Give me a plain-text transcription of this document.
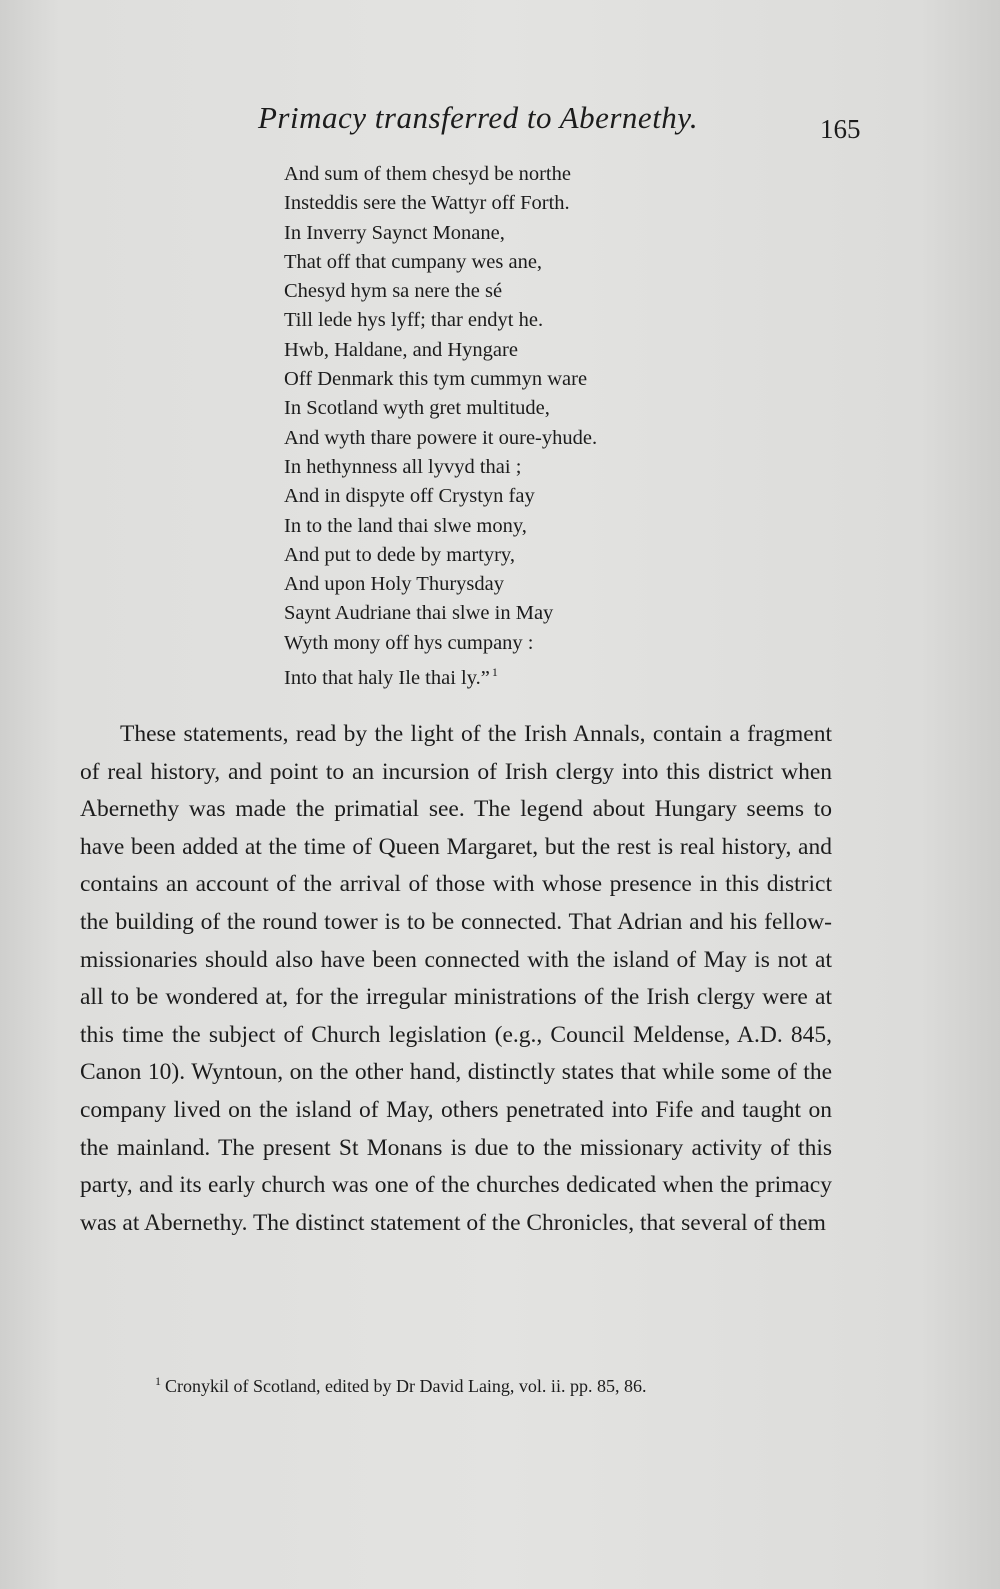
Primacy transferred to Abernethy.	165
And sum of them chesyd be northe
Insteddis sere the Wattyr off Forth.
In Inverry Saynct Monane,
That off that cumpany wes ane,
Chesyd hym sa nere the sé
Till lede hys lyff; thar endyt he.
Hwb, Haldane, and Hyngare
Off Denmark this tym cummyn ware
In Scotland wyth gret multitude,
And wyth thare powere it oure-yhude.
In hethynness all lyvyd thai ;
And in dispyte off Crystyn fay
In to the land thai slwe mony,
And put to dede by martyry,
And upon Holy Thurysday
Saynt Audriane thai slwe in May
Wyth mony off hys cumpany :
Into that haly Ile thai ly.” $^1$

These statements, read by the light of the Irish Annals, contain a fragment of real history, and point to an incursion of Irish clergy into this district when Abernethy was made the primatial see. The legend about Hungary seems to have been added at the time of Queen Margaret, but the rest is real history, and contains an account of the arrival of those with whose presence in this district the building of the round tower is to be connected. That Adrian and his fellow-missionaries should also have been connected with the island of May is not at all to be wondered at, for the irregular ministrations of the Irish clergy were at this time the subject of Church legislation (e.g., Council Meldense, A.D. 845, Canon 10). Wyntoun, on the other hand, distinctly states that while some of the company lived on the island of May, others penetrated into Fife and taught on the mainland. The present St Monans is due to the missionary activity of this party, and its early church was one of the churches dedicated when the primacy was at Abernethy. The distinct statement of the Chronicles, that several of them

$^1$ Cronykil of Scotland, edited by Dr David Laing, vol. ii. pp. 85, 86.
